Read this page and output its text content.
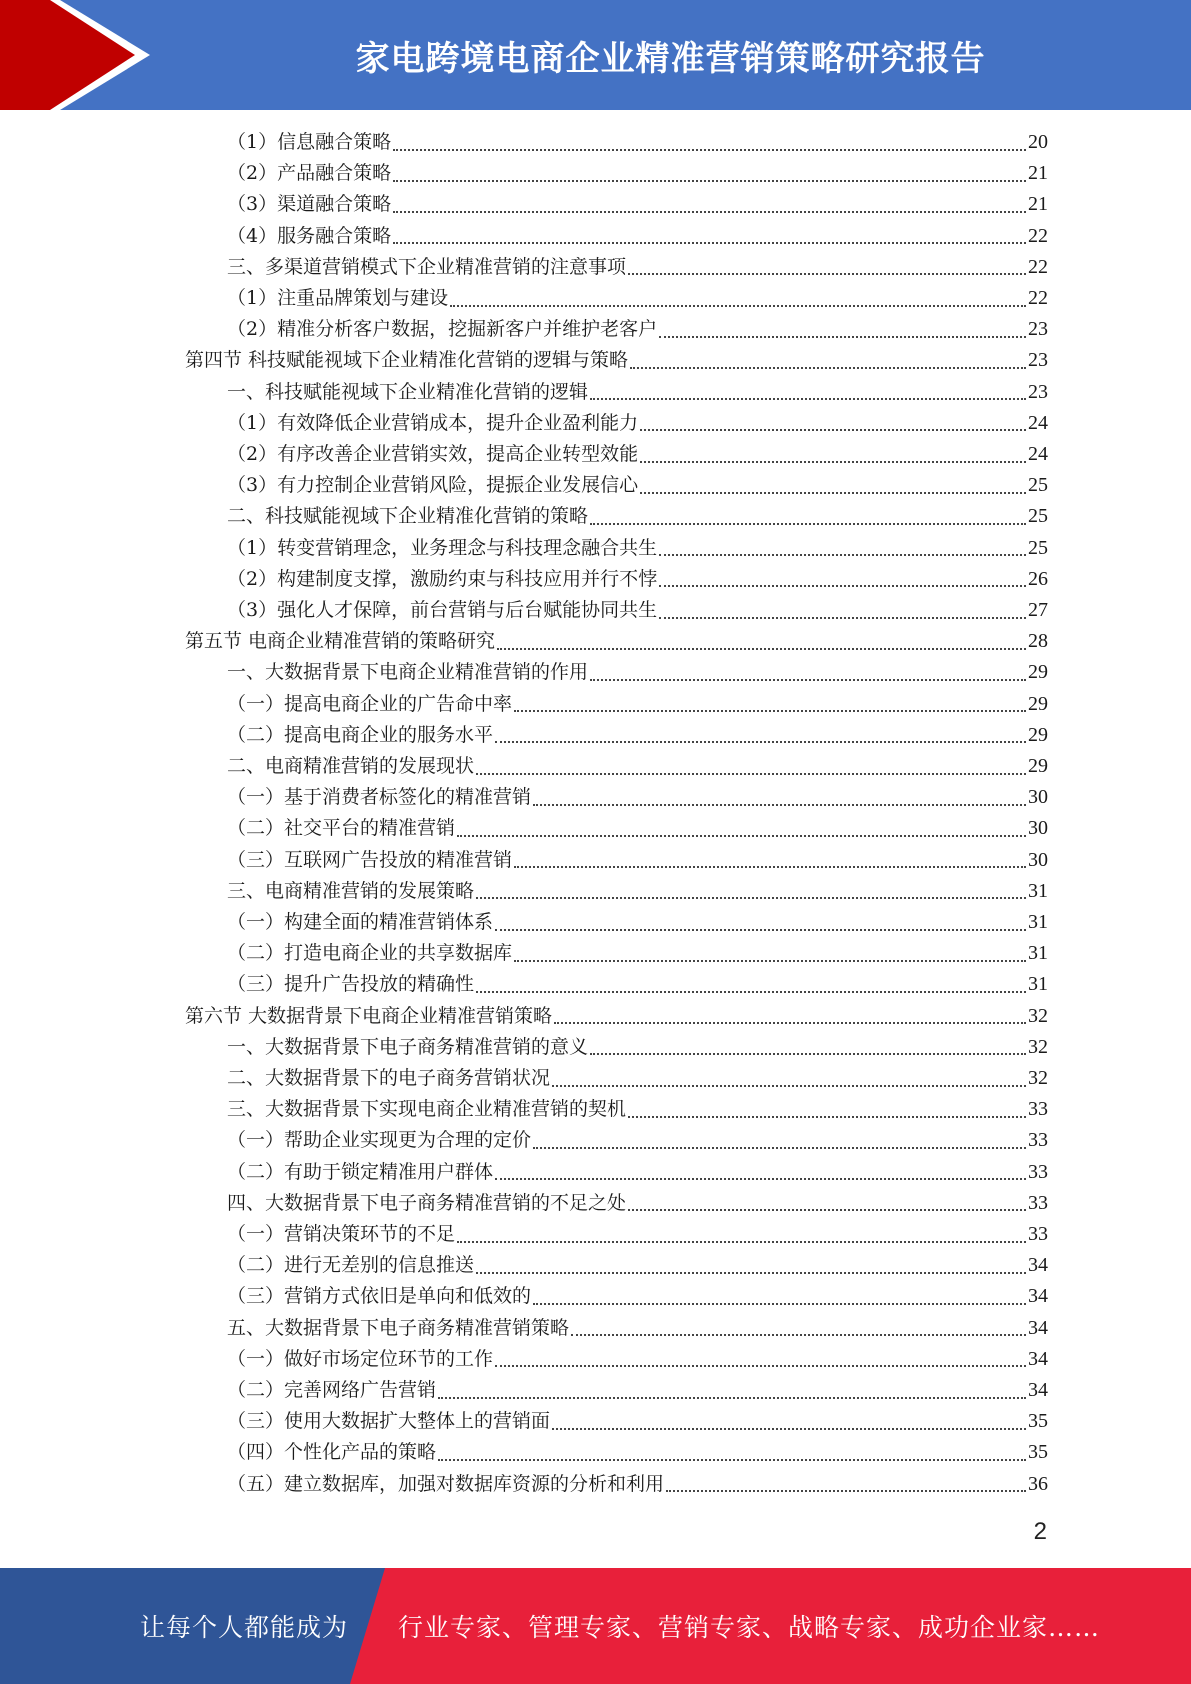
家电跨境电商企业精准营销策略研究报告
（1）信息融合策略	20
（2）产品融合策略	21
（3）渠道融合策略	21
（4）服务融合策略	22
三、多渠道营销模式下企业精准营销的注意事项	22
（1）注重品牌策划与建设	22
（2）精准分析客户数据，挖掘新客户并维护老客户	23
第四节 科技赋能视域下企业精准化营销的逻辑与策略	23
一、科技赋能视域下企业精准化营销的逻辑	23
（1）有效降低企业营销成本，提升企业盈利能力	24
（2）有序改善企业营销实效，提高企业转型效能	24
（3）有力控制企业营销风险，提振企业发展信心	25
二、科技赋能视域下企业精准化营销的策略	25
（1）转变营销理念，业务理念与科技理念融合共生	25
（2）构建制度支撑，激励约束与科技应用并行不悖	26
（3）强化人才保障，前台营销与后台赋能协同共生	27
第五节 电商企业精准营销的策略研究	28
一、大数据背景下电商企业精准营销的作用	29
（一）提高电商企业的广告命中率	29
（二）提高电商企业的服务水平	29
二、电商精准营销的发展现状	29
（一）基于消费者标签化的精准营销	30
（二）社交平台的精准营销	30
（三）互联网广告投放的精准营销	30
三、电商精准营销的发展策略	31
（一）构建全面的精准营销体系	31
（二）打造电商企业的共享数据库	31
（三）提升广告投放的精确性	31
第六节 大数据背景下电商企业精准营销策略	32
一、大数据背景下电子商务精准营销的意义	32
二、大数据背景下的电子商务营销状况	32
三、大数据背景下实现电商企业精准营销的契机	33
（一）帮助企业实现更为合理的定价	33
（二）有助于锁定精准用户群体	33
四、大数据背景下电子商务精准营销的不足之处	33
（一）营销决策环节的不足	33
（二）进行无差别的信息推送	34
（三）营销方式依旧是单向和低效的	34
五、大数据背景下电子商务精准营销策略	34
（一）做好市场定位环节的工作	34
（二）完善网络广告营销	34
（三）使用大数据扩大整体上的营销面	35
（四）个性化产品的策略	35
（五）建立数据库，加强对数据库资源的分析和利用	36
2
让每个人都能成为 行业专家、管理专家、营销专家、战略专家、成功企业家……
